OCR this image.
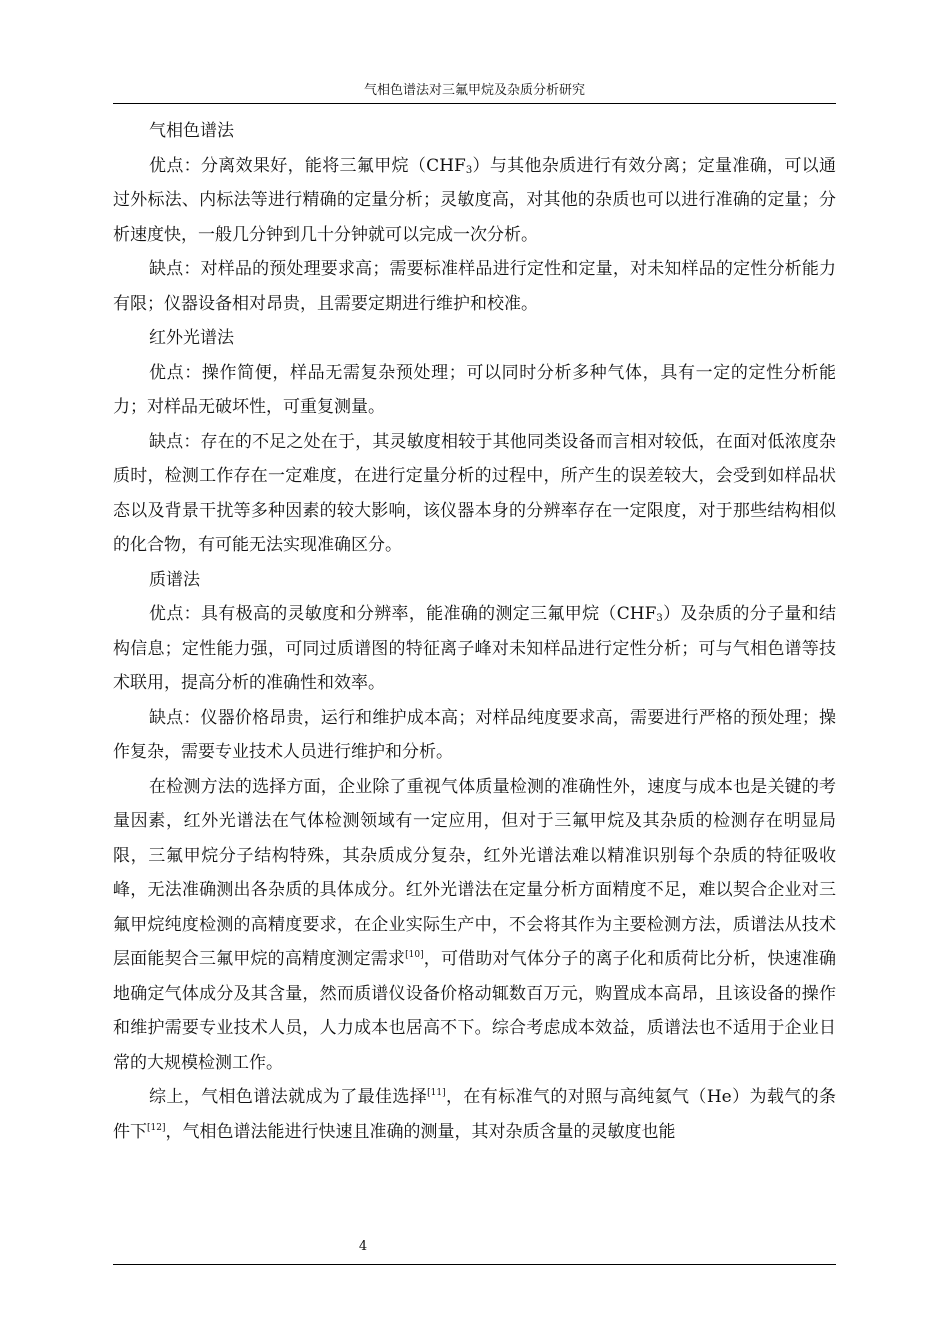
气相色谱法对三氟甲烷及杂质分析研究

气相色谱法

优点：分离效果好，能将三氟甲烷$(CHF_3)$与其他杂质进行有效分离；定量准确，可以通过外标法、内标法等进行精确的定量分析；灵敏度高，对其他的杂质也可以进行准确的定量；分析速度快，一般几分钟到几十分钟就可以完成一次分析。

缺点：对样品的预处理要求高；需要标准样品进行定性和定量，对未知样品的定性分析能力有限；仪器设备相对昂贵，且需要定期进行维护和校准。

红外光谱法

优点：操作简便，样品无需复杂预处理；可以同时分析多种气体，具有一定的定性分析能力；对样品无破坏性，可重复测量。

缺点：存在的不足之处在于，其灵敏度相较于其他同类设备而言相对较低，在面对低浓度杂质时，检测工作存在一定难度，在进行定量分析的过程中，所产生的误差较大，会受到如样品状态以及背景干扰等多种因素的较大影响，该仪器本身的分辨率存在一定限度，对于那些结构相似的化合物，有可能无法实现准确区分。

质谱法

优点：具有极高的灵敏度和分辨率，能准确的测定三氟甲烷$(CHF_3)$及杂质的分子量和结构信息；定性能力强，可同过质谱图的特征离子峰对未知样品进行定性分析；可与气相色谱等技术联用，提高分析的准确性和效率。

缺点：仪器价格昂贵，运行和维护成本高；对样品纯度要求高，需要进行严格的预处理；操作复杂，需要专业技术人员进行维护和分析。

在检测方法的选择方面，企业除了重视气体质量检测的准确性外，速度与成本也是关键的考量因素，红外光谱法在气体检测领域有一定应用，但对于三氟甲烷及其杂质的检测存在明显局限，三氟甲烷分子结构特殊，其杂质成分复杂，红外光谱法难以精准识别每个杂质的特征吸收峰，无法准确测出各杂质的具体成分。红外光谱法在定量分析方面精度不足，难以契合企业对三氟甲烷纯度检测的高精度要求，在企业实际生产中，不会将其作为主要检测方法，质谱法从技术层面能契合三氟甲烷的高精度测定需求[10]，可借助对气体分子的离子化和质荷比分析，快速准确地确定气体成分及其含量，然而质谱仪设备价格动辄数百万元，购置成本高昂，且该设备的操作和维护需要专业技术人员，人力成本也居高不下。综合考虑成本效益，质谱法也不适用于企业日常的大规模检测工作。

综上，气相色谱法就成为了最佳选择[11]，在有标准气的对照与高纯氦气（He）为载气的条件下[12]，气相色谱法能进行快速且准确的测量，其对杂质含量的灵敏度也能

4
